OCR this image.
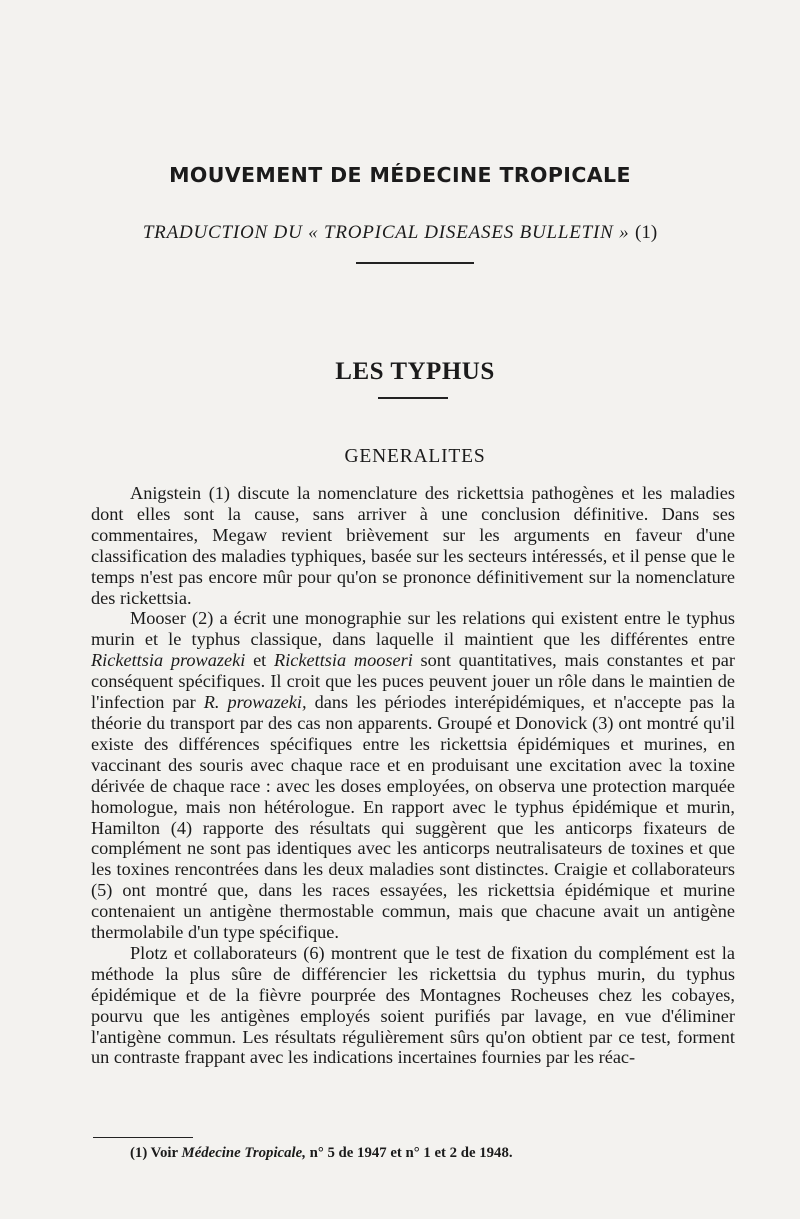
MOUVEMENT DE MÉDECINE TROPICALE
TRADUCTION DU « TROPICAL DISEASES BULLETIN » (1)
LES TYPHUS
GENERALITES

Anigstein (1) discute la nomenclature des rickettsia pathogènes et les maladies dont elles sont la cause, sans arriver à une conclusion définitive. Dans ses commentaires, Megaw revient brièvement sur les arguments en faveur d'une classification des maladies typhiques, basée sur les secteurs intéressés, et il pense que le temps n'est pas encore mûr pour qu'on se prononce définitivement sur la nomenclature des rickettsia.

Mooser (2) a écrit une monographie sur les relations qui existent entre le typhus murin et le typhus classique, dans laquelle il maintient que les différentes entre Rickettsia prowazeki et Rickettsia mooseri sont quantitatives, mais constantes et par conséquent spécifiques. Il croit que les puces peuvent jouer un rôle dans le maintien de l'infection par R. prowazeki, dans les périodes interépidémiques, et n'accepte pas la théorie du transport par des cas non apparents. Groupé et Donovick (3) ont montré qu'il existe des différences spécifiques entre les rickettsia épidémiques et murines, en vaccinant des souris avec chaque race et en produisant une excitation avec la toxine dérivée de chaque race : avec les doses employées, on observa une protection marquée homologue, mais non hétérologue. En rapport avec le typhus épidémique et murin, Hamilton (4) rapporte des résultats qui suggèrent que les anticorps fixateurs de complément ne sont pas identiques avec les anticorps neutralisateurs de toxines et que les toxines rencontrées dans les deux maladies sont distinctes. Craigie et collaborateurs (5) ont montré que, dans les races essayées, les rickettsia épidémique et murine contenaient un antigène thermostable commun, mais que chacune avait un antigène thermolabile d'un type spécifique.

Plotz et collaborateurs (6) montrent que le test de fixation du complément est la méthode la plus sûre de différencier les rickettsia du typhus murin, du typhus épidémique et de la fièvre pourprée des Montagnes Rocheuses chez les cobayes, pourvu que les antigènes employés soient purifiés par lavage, en vue d'éliminer l'antigène commun. Les résultats régulièrement sûrs qu'on obtient par ce test, forment un contraste frappant avec les indications incertaines fournies par les réac-

(1) Voir Médecine Tropicale, n° 5 de 1947 et n° 1 et 2 de 1948.
